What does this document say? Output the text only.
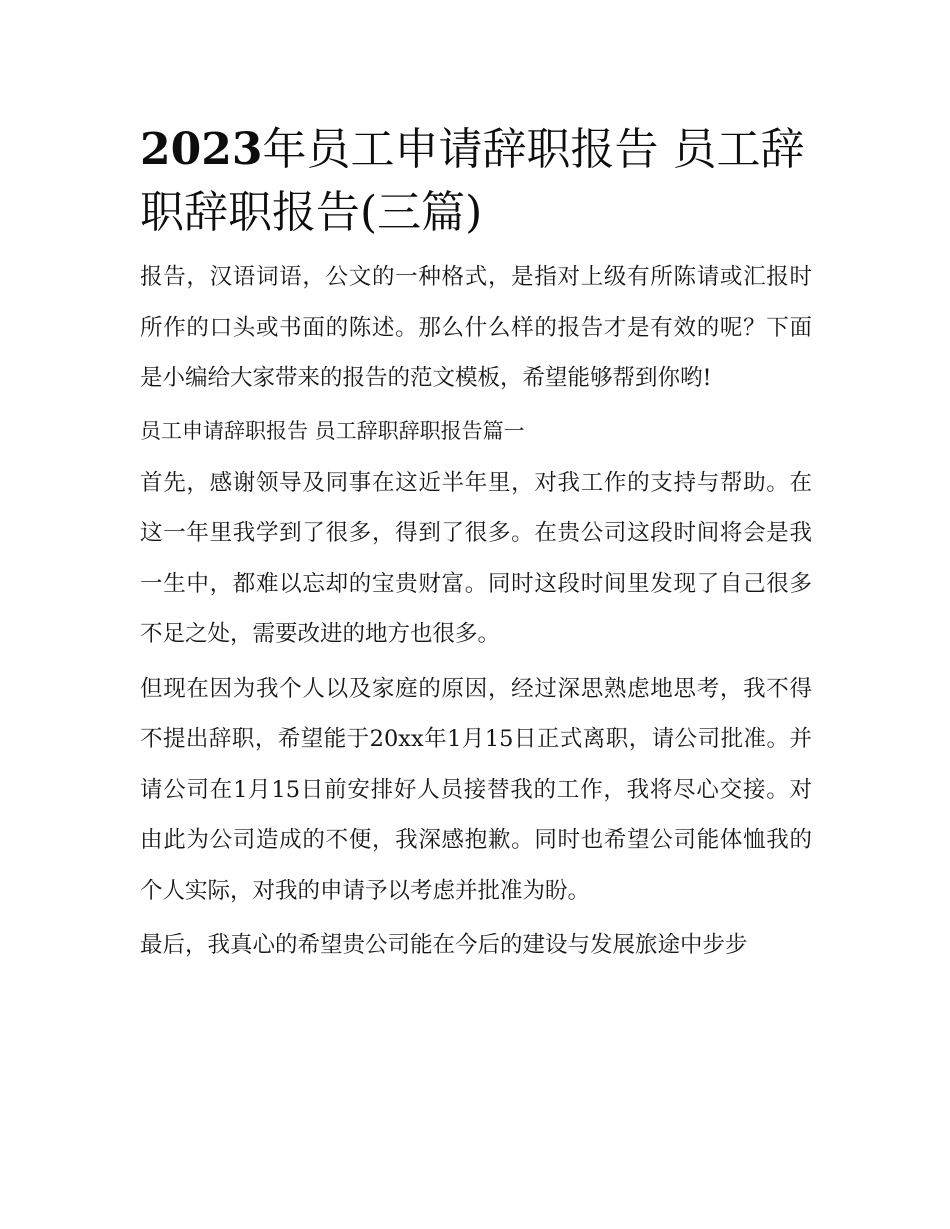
2023年员工申请辞职报告 员工辞职辞职报告(三篇)

报告，汉语词语，公文的一种格式，是指对上级有所陈请或汇报时所作的口头或书面的陈述。那么什么样的报告才是有效的呢？下面是小编给大家带来的报告的范文模板，希望能够帮到你哟!

员工申请辞职报告 员工辞职辞职报告篇一

首先，感谢领导及同事在这近半年里，对我工作的支持与帮助。在这一年里我学到了很多，得到了很多。在贵公司这段时间将会是我一生中，都难以忘却的宝贵财富。同时这段时间里发现了自己很多不足之处，需要改进的地方也很多。

但现在因为我个人以及家庭的原因，经过深思熟虑地思考，我不得不提出辞职，希望能于20xx年1月15日正式离职，请公司批准。并请公司在1月15日前安排好人员接替我的工作，我将尽心交接。对由此为公司造成的不便，我深感抱歉。同时也希望公司能体恤我的个人实际，对我的申请予以考虑并批准为盼。

最后，我真心的希望贵公司能在今后的建设与发展旅途中步步
